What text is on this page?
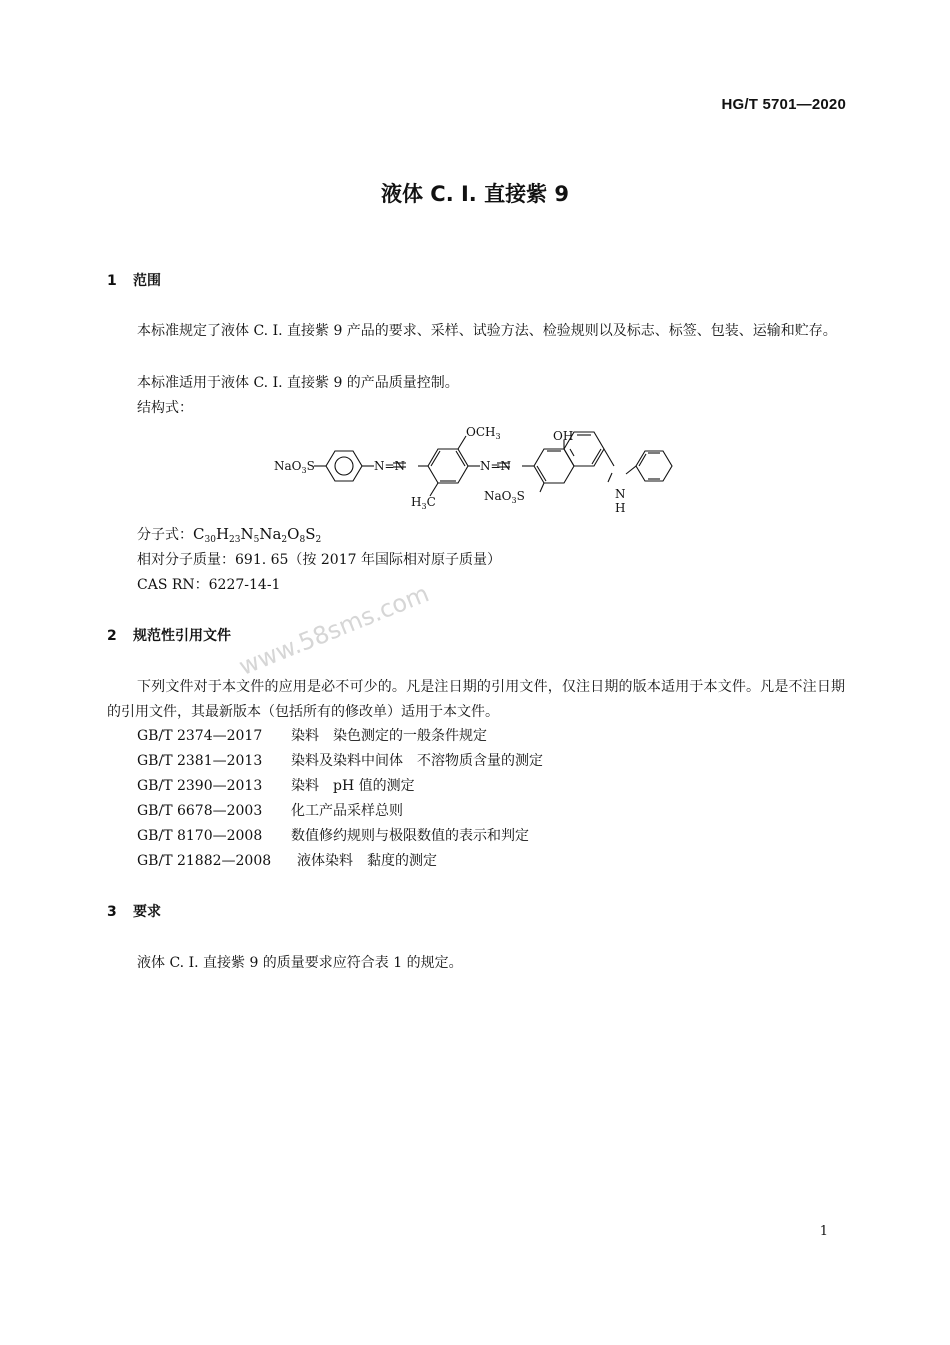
HG/T 5701—2020
液体 C. I. 直接紫 9
www.58sms.com
1 范围
本标准规定了液体 C. I. 直接紫 9 产品的要求、采样、试验方法、检验规则以及标志、标签、包装、运输和贮存。
本标准适用于液体 C. I. 直接紫 9 的产品质量控制。
结构式：
NaO$_3$S	N=N
$OCH_3$
$H_3C$
N=N
OH
NaO$_3$S	N
H
分子式：$C_{30}H_{23}N_5Na_2O_8S_2$
相对分子质量：691. 65（按 2017 年国际相对原子质量）
CAS RN：6227-14-1
2 规范性引用文件
下列文件对于本文件的应用是必不可少的。凡是注日期的引用文件，仅注日期的版本适用于本文件。凡是不注日期的引用文件，其最新版本（包括所有的修改单）适用于本文件。
GB/T 2374—2017 染料　染色测定的一般条件规定
GB/T 2381—2013 染料及染料中间体　不溶物质含量的测定
GB/T 2390—2013 染料　pH 值的测定
GB/T 6678—2003 化工产品采样总则
GB/T 8170—2008 数值修约规则与极限数值的表示和判定
GB/T 21882—2008 液体染料　黏度的测定
3 要求
液体 C. I. 直接紫 9 的质量要求应符合表 1 的规定。
1
